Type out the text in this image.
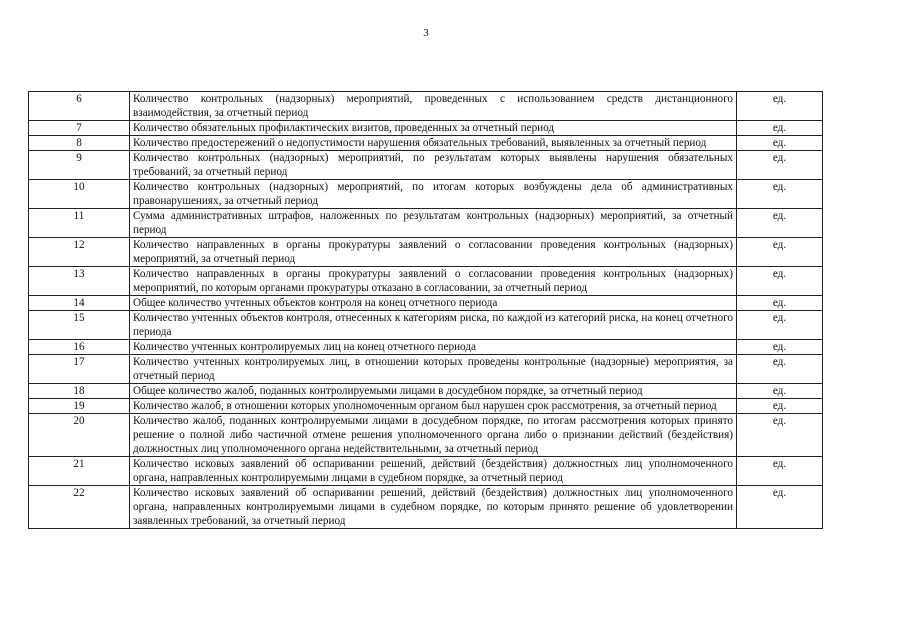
3
6	Количество контрольных (надзорных) мероприятий, проведенных с использованием средств дистанционного взаимодействия, за отчетный период	ед.
7	Количество обязательных профилактических визитов, проведенных за отчетный период	ед.
8	Количество предостережений о недопустимости нарушения обязательных требований, выявленных за отчетный период	ед.
9	Количество контрольных (надзорных) мероприятий, по результатам которых выявлены нарушения обязательных требований, за отчетный период	ед.
10	Количество контрольных (надзорных) мероприятий, по итогам которых возбуждены дела об административных правонарушениях, за отчетный период	ед.
11	Сумма административных штрафов, наложенных по результатам контрольных (надзорных) мероприятий, за отчетный период	ед.
12	Количество направленных в органы прокуратуры заявлений о согласовании проведения контрольных (надзорных) мероприятий, за отчетный период	ед.
13	Количество направленных в органы прокуратуры заявлений о согласовании проведения контрольных (надзорных) мероприятий, по которым органами прокуратуры отказано в согласовании, за отчетный период	ед.
14	Общее количество учтенных объектов контроля на конец отчетного периода	ед.
15	Количество учтенных объектов контроля, отнесенных к категориям риска, по каждой из категорий риска, на конец отчетного периода	ед.
16	Количество учтенных контролируемых лиц на конец отчетного периода	ед.
17	Количество учтенных контролируемых лиц, в отношении которых проведены контрольные (надзорные) мероприятия, за отчетный период	ед.
18	Общее количество жалоб, поданных контролируемыми лицами в досудебном порядке, за отчетный период	ед.
19	Количество жалоб, в отношении которых уполномоченным органом был нарушен срок рассмотрения, за отчетный период	ед.
20	Количество жалоб, поданных контролируемыми лицами в досудебном порядке, по итогам рассмотрения которых принято решение о полной либо частичной отмене решения уполномоченного органа либо о признании действий (бездействия) должностных лиц уполномоченного органа недействительными, за отчетный период	ед.
21	Количество исковых заявлений об оспаривании решений, действий (бездействия) должностных лиц уполномоченного органа, направленных контролируемыми лицами в судебном порядке, за отчетный период	ед.
22	Количество исковых заявлений об оспаривании решений, действий (бездействия) должностных лиц уполномоченного органа, направленных контролируемыми лицами в судебном порядке, по которым принято решение об удовлетворении заявленных требований, за отчетный период	ед.
